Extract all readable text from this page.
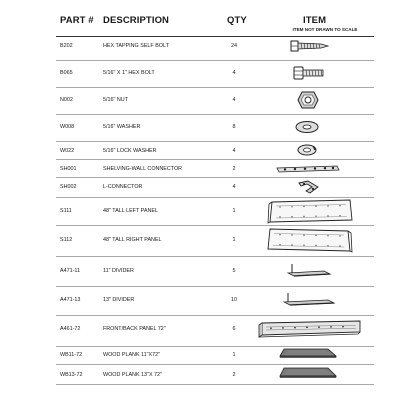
PART # DESCRIPTION	QTY	ITEM
ITEM NOT DRAWN TO SCALE
B202	HEX TAPPING SELF BOLT	24
B065	5/16" X 1" HEX BOLT	4
N002	5/16" NUT	4
W008	5/16" WASHER	8
W022	5/16" LOCK WASHER	4
SH001	SHELVING-WALL CONNECTOR	2
SH002	L-CONNECTOR	4
S111	48" TALL LEFT PANEL	1
S112	48" TALL RIGHT PANEL	1
A471-11	11" DIVIDER	5
A471-13	13" DIVIDER	10
A461-72	FRONT/BACK PANEL 72"	6
WB11-72	WOOD PLANK 11"X72"	1
WB13-72	WOOD PLANK 13"X 72"	2
